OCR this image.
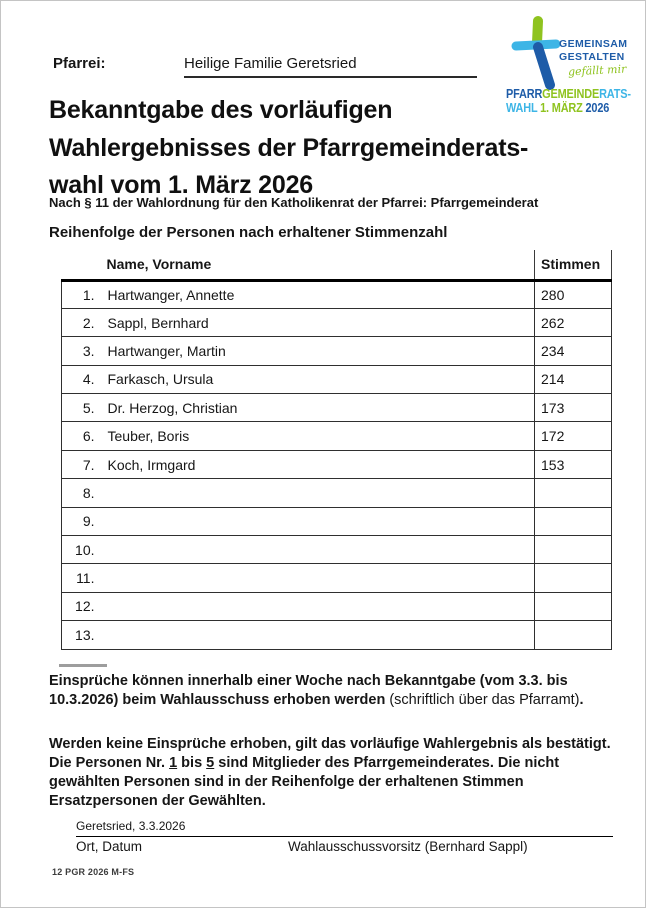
Pfarrei:	Heilige Familie Geretsried
GEMEINSAM
GESTALTEN
gefällt mir
PFARRGEMEINDERATS-
WAHL 1. MÄRZ 2026
Bekanntgabe des vorläufigen
Wahlergebnisses der Pfarrgemeinderats-
wahl vom 1. März 2026
Nach § 11 der Wahlordnung für den Katholikenrat der Pfarrei: Pfarrgemeinderat
Reihenfolge der Personen nach erhaltener Stimmenzahl
Name, Vorname		Stimmen
1.	Hartwanger, Annette	280
2.	Sappl, Bernhard	262
3.	Hartwanger, Martin	234
4.	Farkasch, Ursula	214
5.	Dr. Herzog, Christian	173
6.	Teuber, Boris	172
7.	Koch, Irmgard	153
8.		
9.		
10.		
11.		
12.		
13.		
Einsprüche können innerhalb einer Woche nach Bekanntgabe (vom 3.3. bis 10.3.2026) beim Wahlausschuss erhoben werden (schriftlich über das Pfarramt).
Werden keine Einsprüche erhoben, gilt das vorläufige Wahlergebnis als bestätigt. Die Personen Nr. 1 bis 5 sind Mitglieder des Pfarrgemeinderates. Die nicht gewählten Personen sind in der Reihenfolge der erhaltenen Stimmen Ersatzpersonen der Gewählten.
Geretsried, 3.3.2026
Ort, Datum	Wahlausschussvorsitz (Bernhard Sappl)
12 PGR 2026 M-FS
